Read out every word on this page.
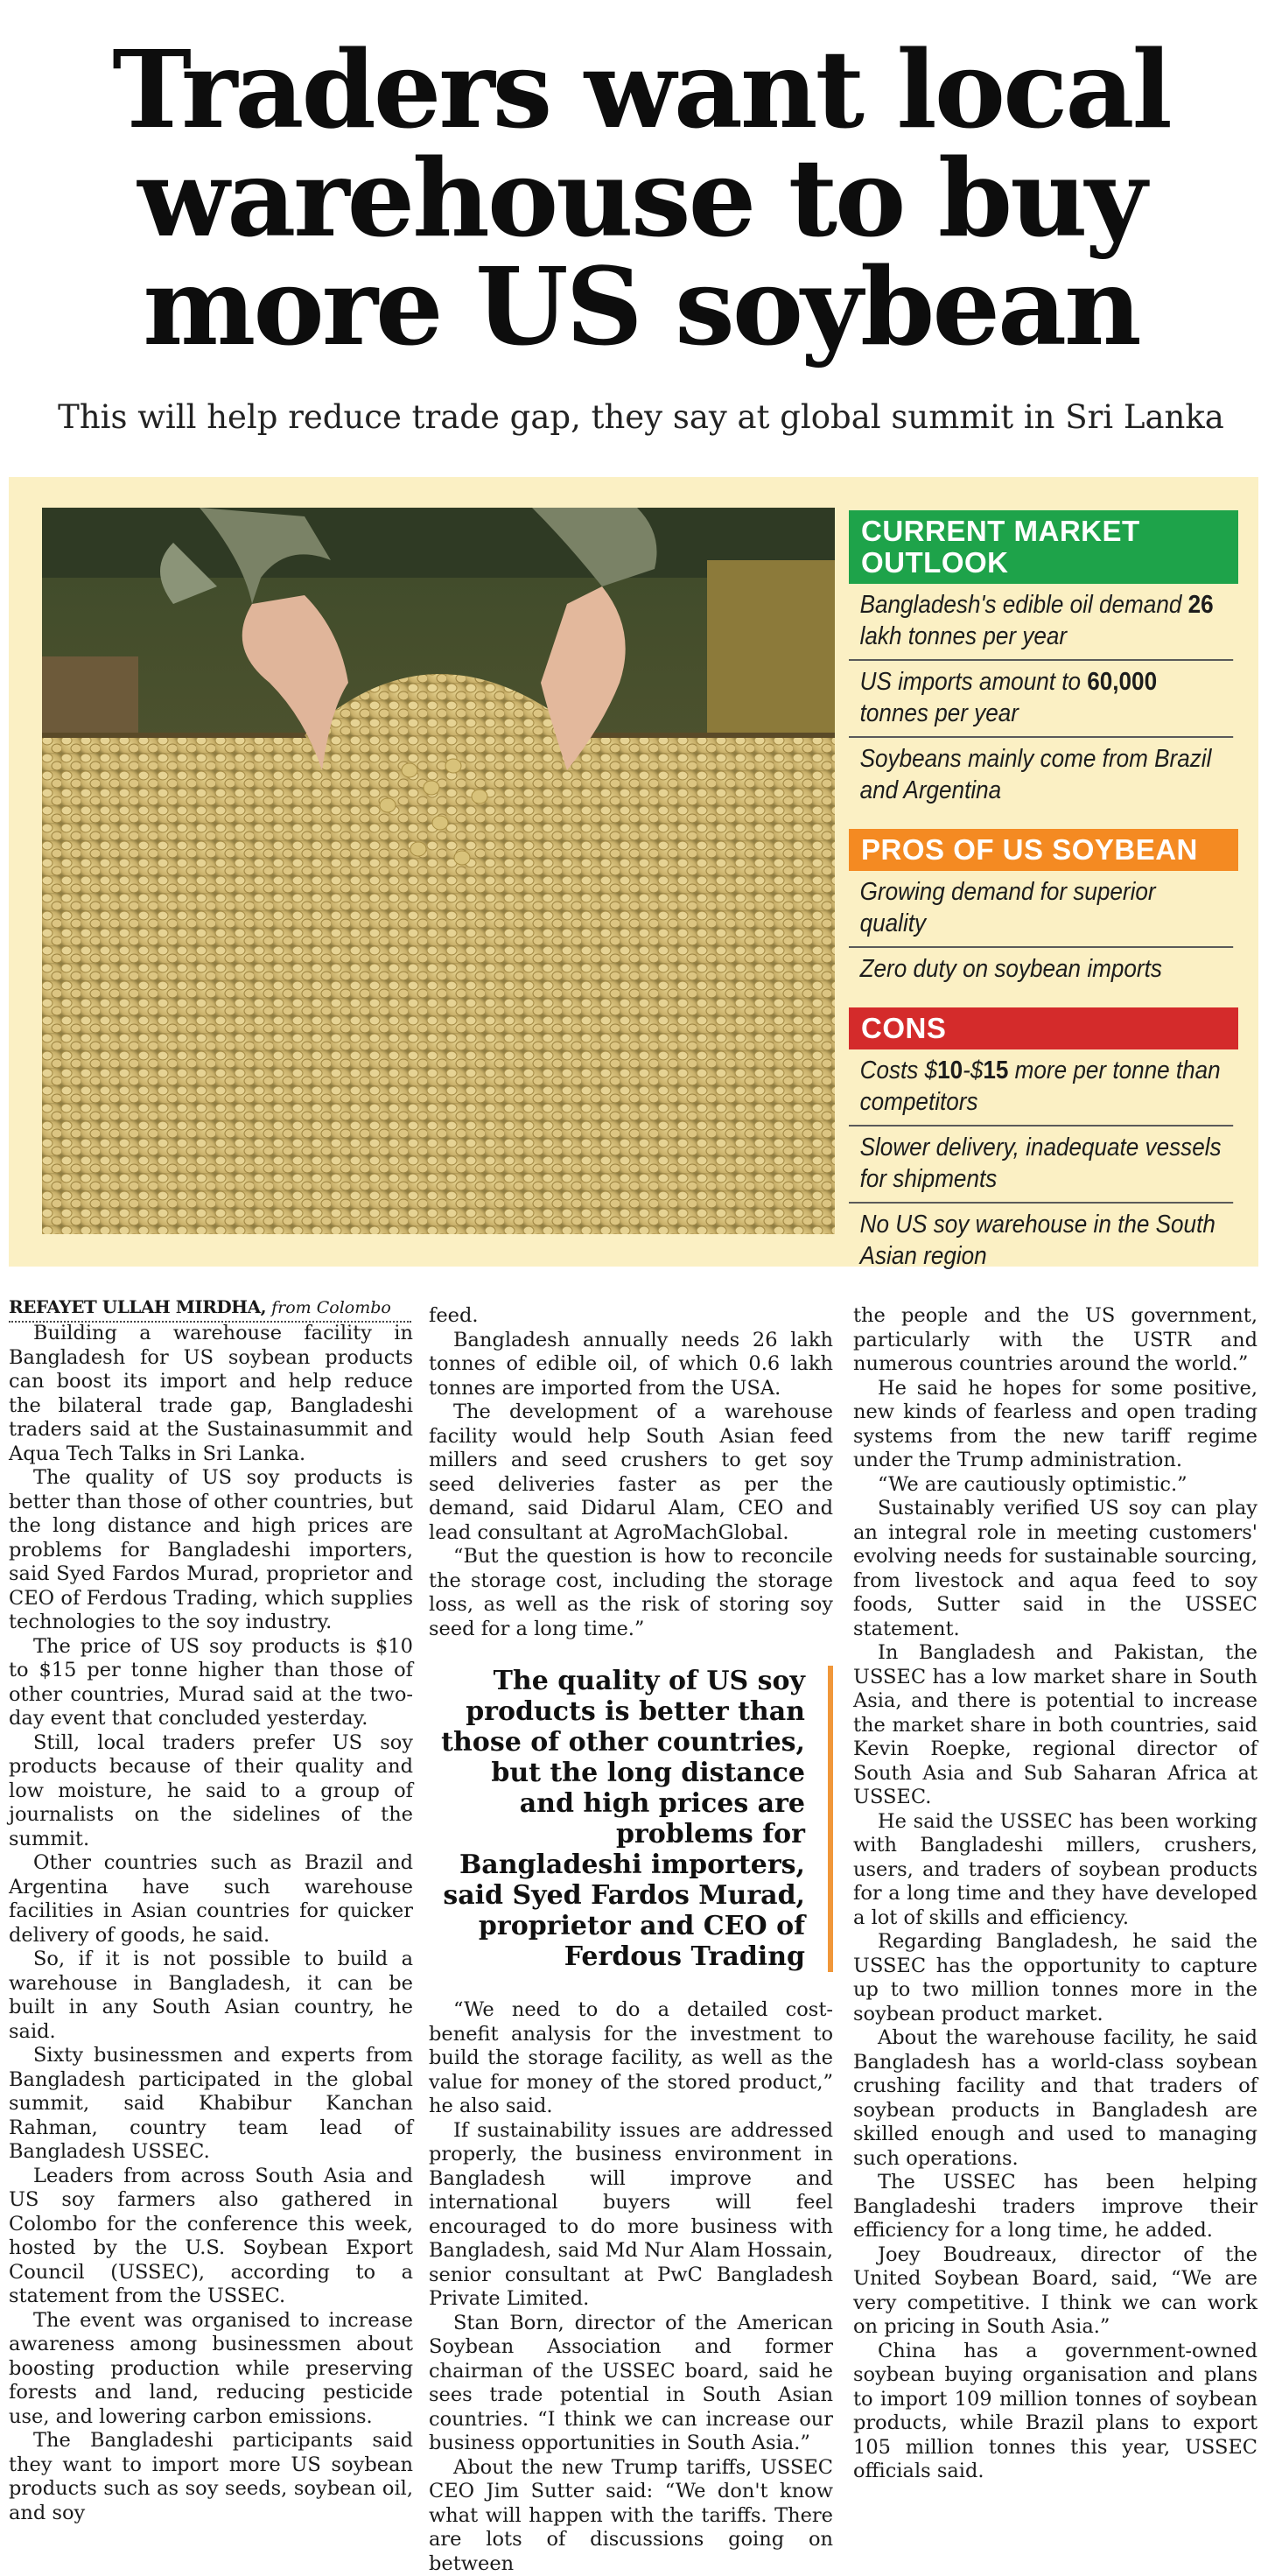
Traders want local
warehouse to buy
more US soybean
This will help reduce trade gap, they say at global summit in Sri Lanka
CURRENT MARKET OUTLOOK
Bangladesh's edible oil demand 26 lakh tonnes per year
US imports amount to 60,000 tonnes per year
Soybeans mainly come from Brazil and Argentina
PROS OF US SOYBEAN
Growing demand for superior quality
Zero duty on soybean imports
CONS
Costs $10-$15 more per tonne than competitors
Slower delivery, inadequate vessels for shipments
No US soy warehouse in the South Asian region
REFAYET ULLAH MIRDHA, from Colombo

Building a warehouse facility in Bangladesh for US soybean products can boost its import and help reduce the bilateral trade gap, Bangladeshi traders said at the Sustainasummit and Aqua Tech Talks in Sri Lanka.

The quality of US soy products is better than those of other countries, but the long distance and high prices are problems for Bangladeshi importers, said Syed Fardos Murad, proprietor and CEO of Ferdous Trading, which supplies technologies to the soy industry.

The price of US soy products is $10 to $15 per tonne higher than those of other countries, Murad said at the two-day event that concluded yesterday.

Still, local traders prefer US soy products because of their quality and low moisture, he said to a group of journalists on the sidelines of the summit.

Other countries such as Brazil and Argentina have such warehouse facilities in Asian countries for quicker delivery of goods, he said.

So, if it is not possible to build a warehouse in Bangladesh, it can be built in any South Asian country, he said.

Sixty businessmen and experts from Bangladesh participated in the global summit, said Khabibur Kanchan Rahman, country team lead of Bangladesh USSEC.

Leaders from across South Asia and US soy farmers also gathered in Colombo for the conference this week, hosted by the U.S. Soybean Export Council (USSEC), according to a statement from the USSEC.

The event was organised to increase awareness among businessmen about boosting production while preserving forests and land, reducing pesticide use, and lowering carbon emissions.

The Bangladeshi participants said they want to import more US soybean products such as soy seeds, soybean oil, and soy

feed.

Bangladesh annually needs 26 lakh tonnes of edible oil, of which 0.6 lakh tonnes are imported from the USA.

The development of a warehouse facility would help South Asian feed millers and seed crushers to get soy seed deliveries faster as per the demand, said Didarul Alam, CEO and lead consultant at AgroMachGlobal.

“But the question is how to reconcile the storage cost, including the storage loss, as well as the risk of storing soy seed for a long time.”

The quality of US soy products is better than those of other countries, but the long distance and high prices are problems for Bangladeshi importers, said Syed Fardos Murad, proprietor and CEO of Ferdous Trading

“We need to do a detailed cost-benefit analysis for the investment to build the storage facility, as well as the value for money of the stored product,” he also said.

If sustainability issues are addressed properly, the business environment in Bangladesh will improve and international buyers will feel encouraged to do more business with Bangladesh, said Md Nur Alam Hossain, senior consultant at PwC Bangladesh Private Limited.

Stan Born, director of the American Soybean Association and former chairman of the USSEC board, said he sees trade potential in South Asian countries. “I think we can increase our business opportunities in South Asia.”

About the new Trump tariffs, USSEC CEO Jim Sutter said: “We don't know what will happen with the tariffs. There are lots of discussions going on between

the people and the US government, particularly with the USTR and numerous countries around the world.”

He said he hopes for some positive, new kinds of fearless and open trading systems from the new tariff regime under the Trump administration.

“We are cautiously optimistic.”

Sustainably verified US soy can play an integral role in meeting customers' evolving needs for sustainable sourcing, from livestock and aqua feed to soy foods, Sutter said in the USSEC statement.

In Bangladesh and Pakistan, the USSEC has a low market share in South Asia, and there is potential to increase the market share in both countries, said Kevin Roepke, regional director of South Asia and Sub Saharan Africa at USSEC.

He said the USSEC has been working with Bangladeshi millers, crushers, users, and traders of soybean products for a long time and they have developed a lot of skills and efficiency.

Regarding Bangladesh, he said the USSEC has the opportunity to capture up to two million tonnes more in the soybean product market.

About the warehouse facility, he said Bangladesh has a world-class soybean crushing facility and that traders of soybean products in Bangladesh are skilled enough and used to managing such operations.

The USSEC has been helping Bangladeshi traders improve their efficiency for a long time, he added.

Joey Boudreaux, director of the United Soybean Board, said, “We are very competitive. I think we can work on pricing in South Asia.”

China has a government-owned soybean buying organisation and plans to import 109 million tonnes of soybean products, while Brazil plans to export 105 million tonnes this year, USSEC officials said.
